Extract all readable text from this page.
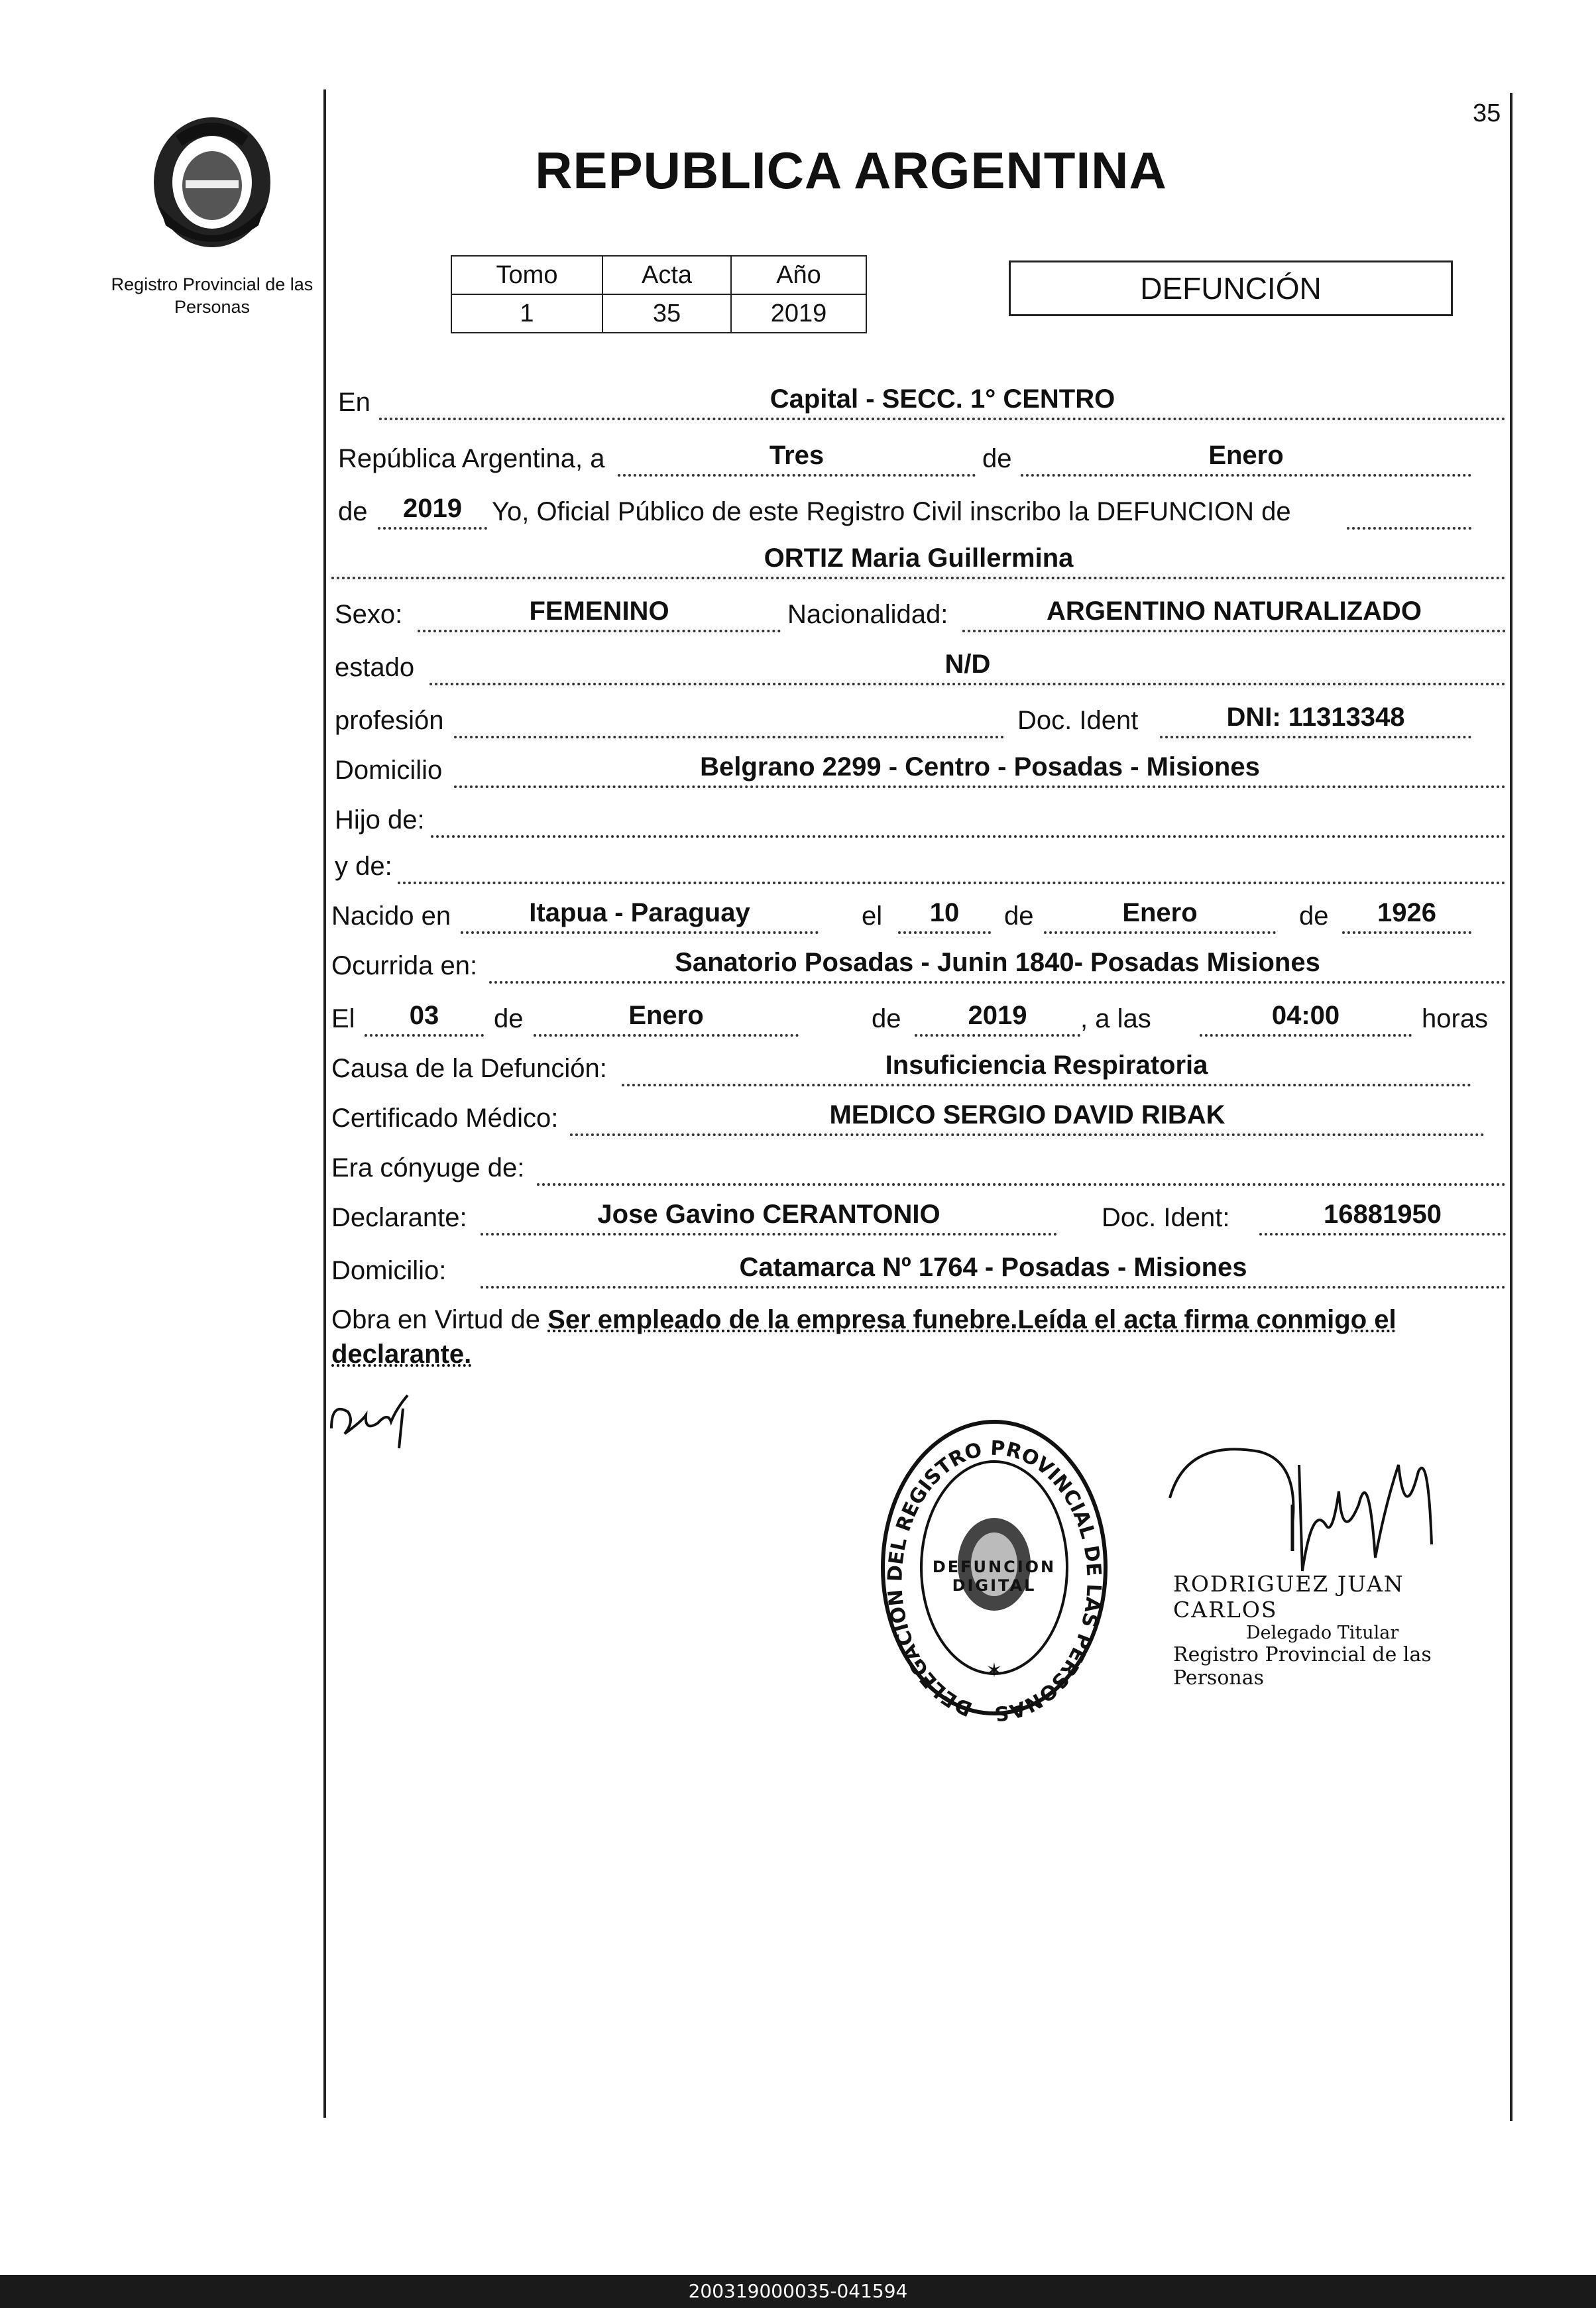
Registro Provincial de las Personas
35
REPUBLICA ARGENTINA
Tomo	Acta	Año
1	35	2019
DEFUNCIÓN
En	Capital - SECC. 1° CENTRO
República Argentina, a	Tres	de	Enero
de	2019	Yo, Oficial Público de este Registro Civil inscribo la DEFUNCION de
ORTIZ Maria Guillermina
Sexo:	FEMENINO	Nacionalidad:	ARGENTINO NATURALIZADO
estado	N/D
profesión	Doc. Ident	DNI: 11313348
Domicilio	Belgrano 2299 - Centro - Posadas - Misiones
Hijo de:
y de:
Nacido en	Itapua - Paraguay	el	10	de	Enero	de	1926
Ocurrida en:	Sanatorio Posadas - Junin 1840- Posadas Misiones
El	03	de	Enero	de	2019	, a las	04:00	horas
Causa de la Defunción:	Insuficiencia Respiratoria
Certificado Médico:	MEDICO SERGIO DAVID RIBAK
Era cónyuge de:
Declarante:	Jose Gavino CERANTONIO	Doc. Ident:	16881950
Domicilio:	Catamarca Nº 1764 - Posadas - Misiones
Obra en Virtud de Ser empleado de la empresa funebre.Leída el acta firma conmigo el declarante.
DELEGACION DEL REGISTRO PROVINCIAL DE LAS PERSONAS
✶
DEFUNCION DIGITAL	RODRIGUEZ JUAN CARLOS
Delegado Titular
Registro Provincial de las Personas
200319000035-041594
